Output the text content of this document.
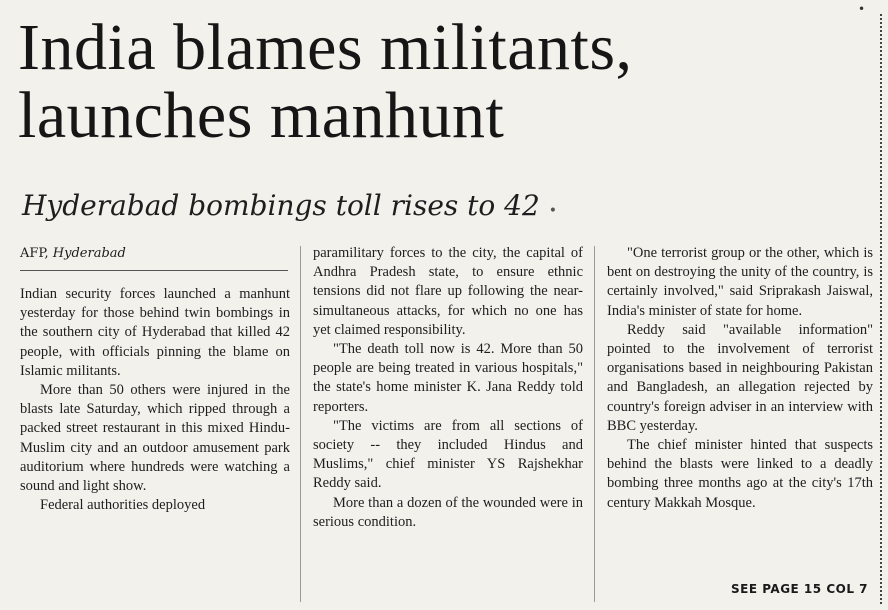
•
India blames militants,
launches manhunt
Hyderabad bombings toll rises to 42 •
AFP, Hyderabad

Indian security forces launched a manhunt yesterday for those behind twin bombings in the southern city of Hyderabad that killed 42 people, with officials pinning the blame on Islamic militants.

More than 50 others were injured in the blasts late Saturday, which ripped through a packed street restaurant in this mixed Hindu-Muslim city and an outdoor amusement park auditorium where hundreds were watching a sound and light show.

Federal authorities deployed

paramilitary forces to the city, the capital of Andhra Pradesh state, to ensure ethnic tensions did not flare up following the near-simultaneous attacks, for which no one has yet claimed responsibility.

"The death toll now is 42. More than 50 people are being treated in various hospitals," the state's home minister K. Jana Reddy told reporters.

"The victims are from all sections of society -- they included Hindus and Muslims," chief minister YS Rajshekhar Reddy said.

More than a dozen of the wounded were in serious condition.

"One terrorist group or the other, which is bent on destroying the unity of the country, is certainly involved," said Sriprakash Jaiswal, India's minister of state for home.

Reddy said "available information" pointed to the involvement of terrorist organisations based in neighbouring Pakistan and Bangladesh, an allegation rejected by country's foreign adviser in an interview with BBC yesterday.

The chief minister hinted that suspects behind the blasts were linked to a deadly bombing three months ago at the city's 17th century Makkah Mosque.

SEE PAGE 15 COL 7
